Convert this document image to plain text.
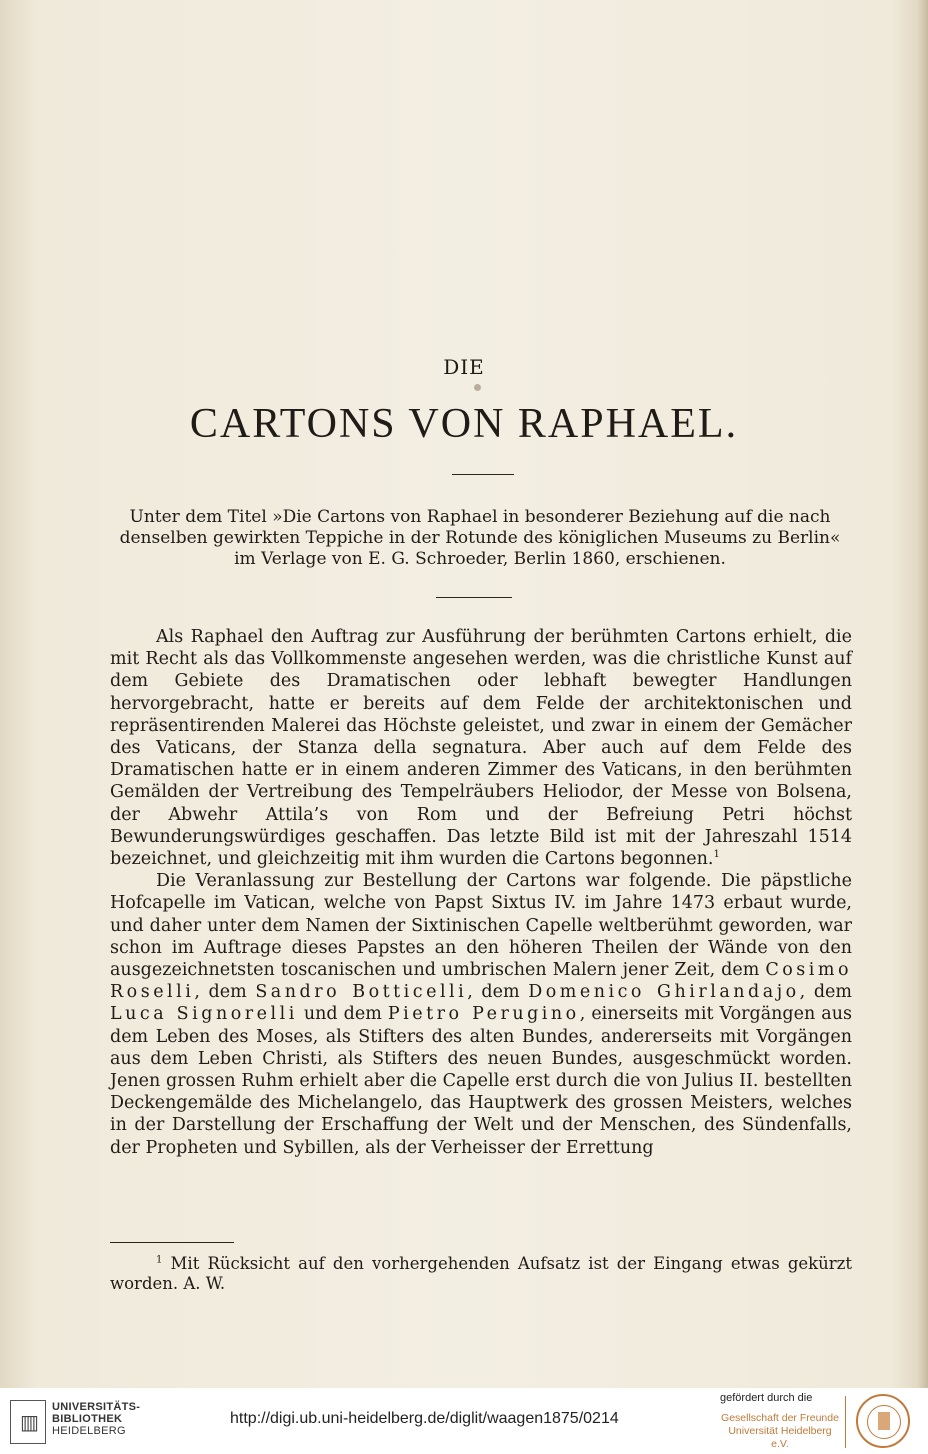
DIE
CARTONS VON RAPHAEL.
Unter dem Titel »Die Cartons von Raphael in besonderer Beziehung auf die nach
denselben gewirkten Teppiche in der Rotunde des königlichen Museums zu Berlin«
im Verlage von E. G. Schroeder, Berlin 1860, erschienen.

Als Raphael den Auftrag zur Ausführung der berühmten Cartons erhielt, die mit Recht als das Vollkommenste angesehen werden, was die christliche Kunst auf dem Gebiete des Dramatischen oder lebhaft bewegter Handlungen hervorgebracht, hatte er bereits auf dem Felde der architektonischen und repräsentirenden Malerei das Höchste geleistet, und zwar in einem der Gemächer des Vaticans, der Stanza della segnatura. Aber auch auf dem Felde des Dramatischen hatte er in einem anderen Zimmer des Vaticans, in den berühmten Gemälden der Vertreibung des Tempelräubers Heliodor, der Messe von Bolsena, der Abwehr Attila’s von Rom und der Befreiung Petri höchst Bewunderungswürdiges geschaffen. Das letzte Bild ist mit der Jahreszahl 1514 bezeichnet, und gleichzeitig mit ihm wurden die Cartons begonnen.$^1$

Die Veranlassung zur Bestellung der Cartons war folgende. Die päpstliche Hofcapelle im Vatican, welche von Papst Sixtus IV. im Jahre 1473 erbaut wurde, und daher unter dem Namen der Sixtinischen Capelle weltberühmt geworden, war schon im Auftrage dieses Papstes an den höheren Theilen der Wände von den ausgezeichnetsten toscanischen und umbrischen Malern jener Zeit, dem Cosimo Roselli, dem Sandro Botticelli, dem Domenico Ghirlandajo, dem Luca Signorelli und dem Pietro Perugino, einerseits mit Vorgängen aus dem Leben des Moses, als Stifters des alten Bundes, andererseits mit Vorgängen aus dem Leben Christi, als Stifters des neuen Bundes, ausgeschmückt worden. Jenen grossen Ruhm erhielt aber die Capelle erst durch die von Julius II. bestellten Deckengemälde des Michelangelo, das Hauptwerk des grossen Meisters, welches in der Darstellung der Erschaffung der Welt und der Menschen, des Sündenfalls, der Propheten und Sybillen, als der Verheisser der Errettung

$^1$ Mit Rücksicht auf den vorhergehenden Aufsatz ist der Eingang etwas gekürzt worden. A. W.
▥
UNIVERSITÄTS-
BIBLIOTHEK
HEIDELBERG
http://digi.ub.uni-heidelberg.de/diglit/waagen1875/0214
gefördert durch die
Gesellschaft der Freunde
Universität Heidelberg e.V.
